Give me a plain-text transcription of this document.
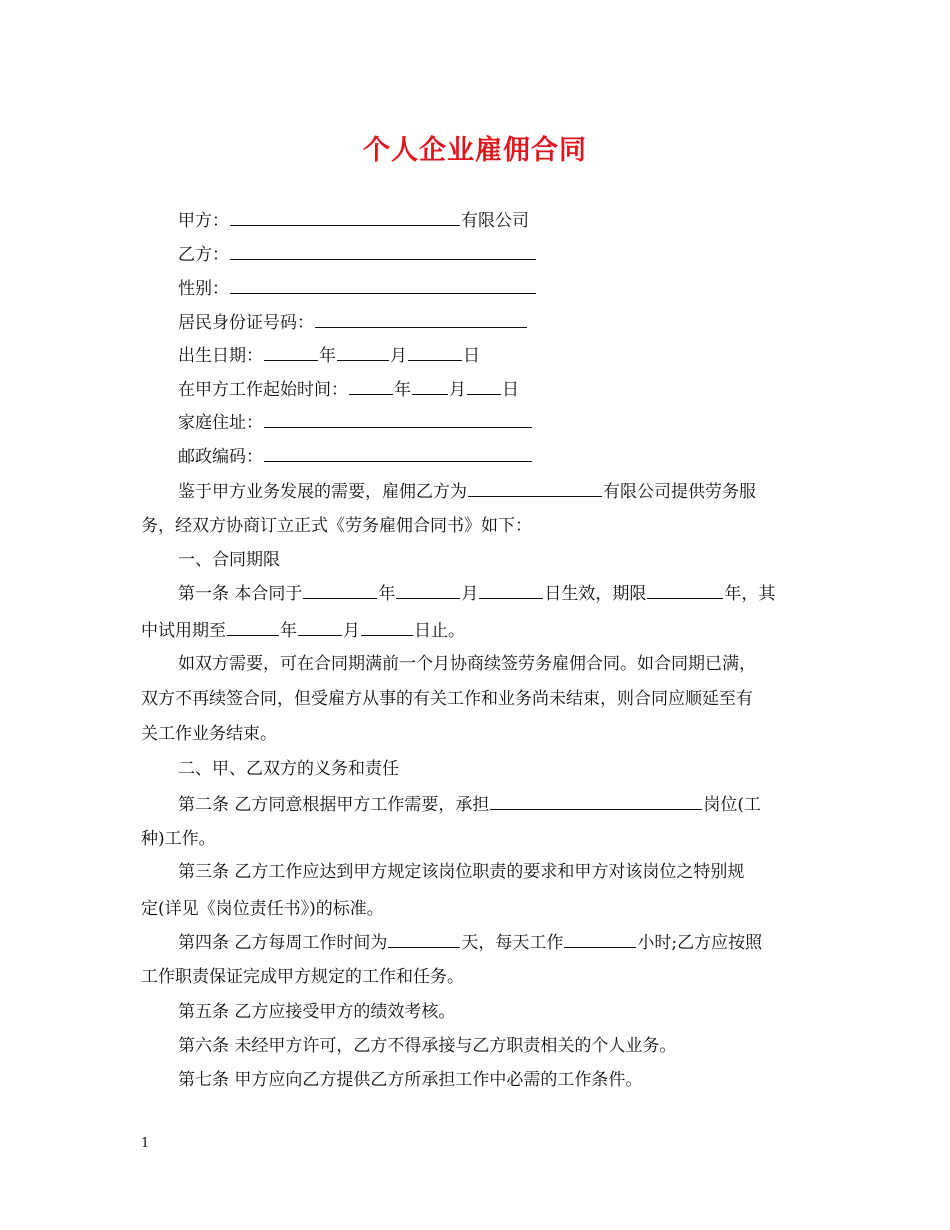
个人企业雇佣合同
甲方：	有限公司
乙方：
性别：
居民身份证号码：
出生日期：	年	月	日
在甲方工作起始时间：	年 月 日
家庭住址：
邮政编码：
鉴于甲方业务发展的需要，雇佣乙方为	有限公司提供劳务服
务，经双方协商订立正式《劳务雇佣合同书》如下：
一、合同期限
第一条 本合同于	年	月	日生效，期限	年，其
中试用期至	年	月	日止。
如双方需要，可在合同期满前一个月协商续签劳务雇佣合同。如合同期已满，
双方不再续签合同，但受雇方从事的有关工作和业务尚未结束，则合同应顺延至有
关工作业务结束。
二、甲、乙双方的义务和责任
第二条 乙方同意根据甲方工作需要，承担	岗位(工
种)工作。
第三条 乙方工作应达到甲方规定该岗位职责的要求和甲方对该岗位之特别规
定(详见《岗位责任书》)的标准。
第四条 乙方每周工作时间为	天，每天工作	小时;乙方应按照
工作职责保证完成甲方规定的工作和任务。
第五条 乙方应接受甲方的绩效考核。
第六条 未经甲方许可，乙方不得承接与乙方职责相关的个人业务。
第七条 甲方应向乙方提供乙方所承担工作中必需的工作条件。
1
